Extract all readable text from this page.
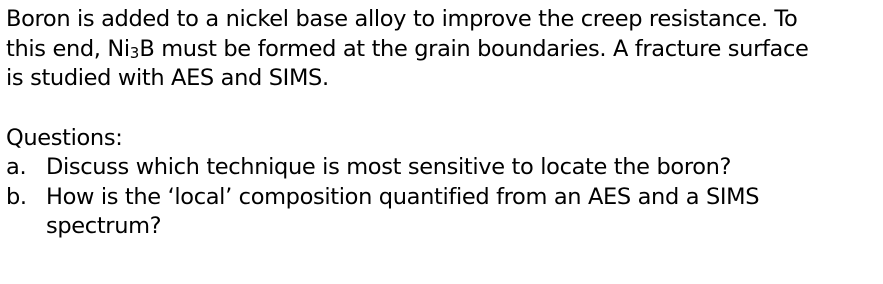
Boron is added to a nickel base alloy to improve the creep resistance. To
this end, Ni3B must be formed at the grain boundaries. A fracture surface
is studied with AES and SIMS.

Questions:
a. Discuss which technique is most sensitive to locate the boron?
b. How is the ‘local’ composition quantified from an AES and a SIMS
spectrum?
